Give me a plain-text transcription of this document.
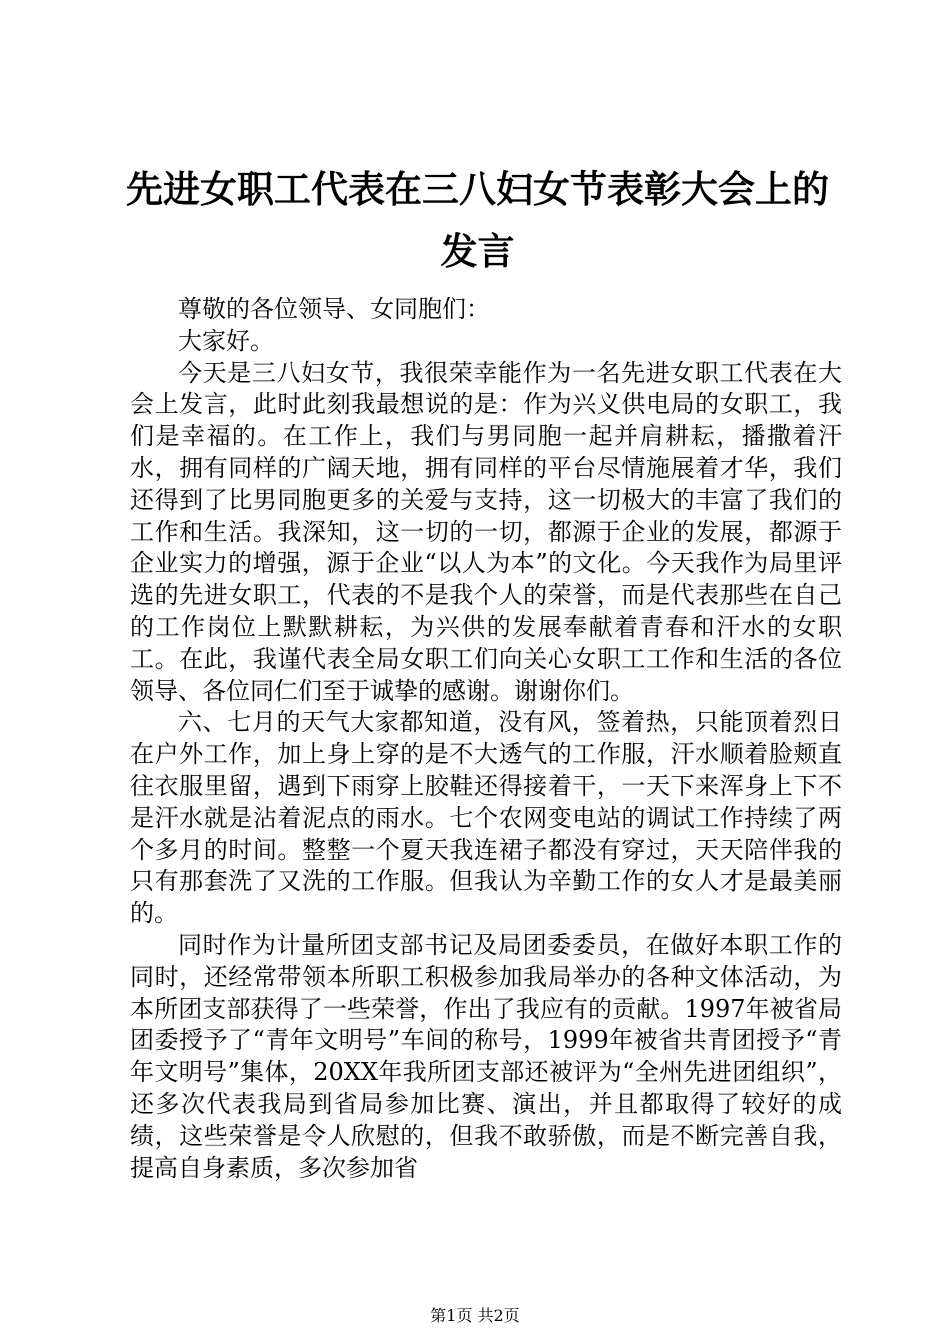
先进女职工代表在三八妇女节表彰大会上的发言

尊敬的各位领导、女同胞们：

大家好。

今天是三八妇女节，我很荣幸能作为一名先进女职工代表在大会上发言，此时此刻我最想说的是：作为兴义供电局的女职工，我们是幸福的。在工作上，我们与男同胞一起并肩耕耘，播撒着汗水，拥有同样的广阔天地，拥有同样的平台尽情施展着才华，我们还得到了比男同胞更多的关爱与支持，这一切极大的丰富了我们的工作和生活。我深知，这一切的一切，都源于企业的发展，都源于企业实力的增强，源于企业“以人为本”的文化。今天我作为局里评选的先进女职工，代表的不是我个人的荣誉，而是代表那些在自己的工作岗位上默默耕耘，为兴供的发展奉献着青春和汗水的女职工。在此，我谨代表全局女职工们向关心女职工工作和生活的各位领导、各位同仁们至于诚挚的感谢。谢谢你们。

六、七月的天气大家都知道，没有风，签着热，只能顶着烈日在户外工作，加上身上穿的是不大透气的工作服，汗水顺着脸颊直往衣服里留，遇到下雨穿上胶鞋还得接着干，一天下来浑身上下不是汗水就是沾着泥点的雨水。七个农网变电站的调试工作持续了两个多月的时间。整整一个夏天我连裙子都没有穿过，天天陪伴我的只有那套洗了又洗的工作服。但我认为辛勤工作的女人才是最美丽的。

同时作为计量所团支部书记及局团委委员，在做好本职工作的同时，还经常带领本所职工积极参加我局举办的各种文体活动，为本所团支部获得了一些荣誉，作出了我应有的贡献。1997年被省局团委授予了“青年文明号”车间的称号，1999年被省共青团授予“青年文明号”集体，20XX年我所团支部还被评为“全州先进团组织”，还多次代表我局到省局参加比赛、演出，并且都取得了较好的成绩，这些荣誉是令人欣慰的，但我不敢骄傲，而是不断完善自我，提高自身素质，多次参加省

第1页 共2页
